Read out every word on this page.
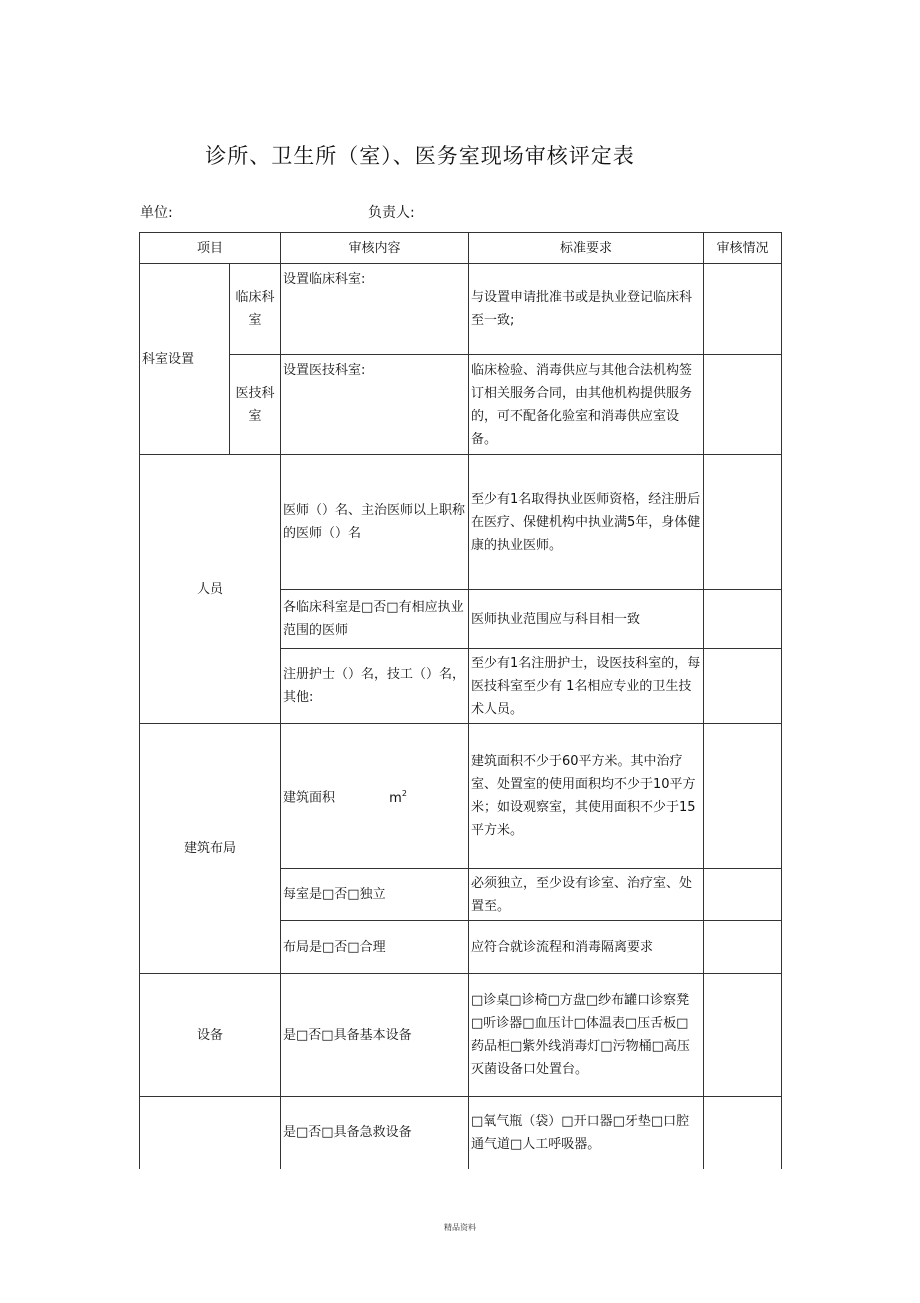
诊所、卫生所（室）、医务室现场审核评定表
单位:	负责人:
项目		审核内容	标准要求	审核情况
科室设置	临床科室	设置临床科室:	与设置申请批准书或是执业登记临床科至一致;	
	医技科室	设置医技科室:	临床检验、消毒供应与其他合法机构签订相关服务合同，由其他机构提供服务的，可不配备化验室和消毒供应室设备。	
人员		医师（）名、主治医师以上职称的医师（）名	至少有1名取得执业医师资格，经注册后在医疗、保健机构中执业满5年，身体健康的执业医师。	
		各临床科室是□否□有相应执业范围的医师	医师执业范围应与科目相一致	
		注册护士（）名，技工（）名，其他:	至少有1名注册护士，设医技科室的，每医技科室至少有 1名相应专业的卫生技术人员。	
建筑布局		建筑面积 $m^2$	建筑面积不少于60平方米。其中治疗室、处置室的使用面积均不少于10平方米；如设观察室，其使用面积不少于15平方米。	
		每室是□否□独立	必须独立，至少设有诊室、治疗室、处置至。	
		布局是□否□合理	应符合就诊流程和消毒隔离要求	
设备		是□否□具备基本设备	□诊桌□诊椅□方盘□纱布罐口诊察凳□听诊器□血压计□体温表□压舌板□药品柜□紫外线消毒灯□污物桶□高压灭菌设备口处置台。	
		是□否□具备急救设备	□氧气瓶（袋）□开口器□牙垫□口腔通气道□人工呼吸器。	
精品资料
